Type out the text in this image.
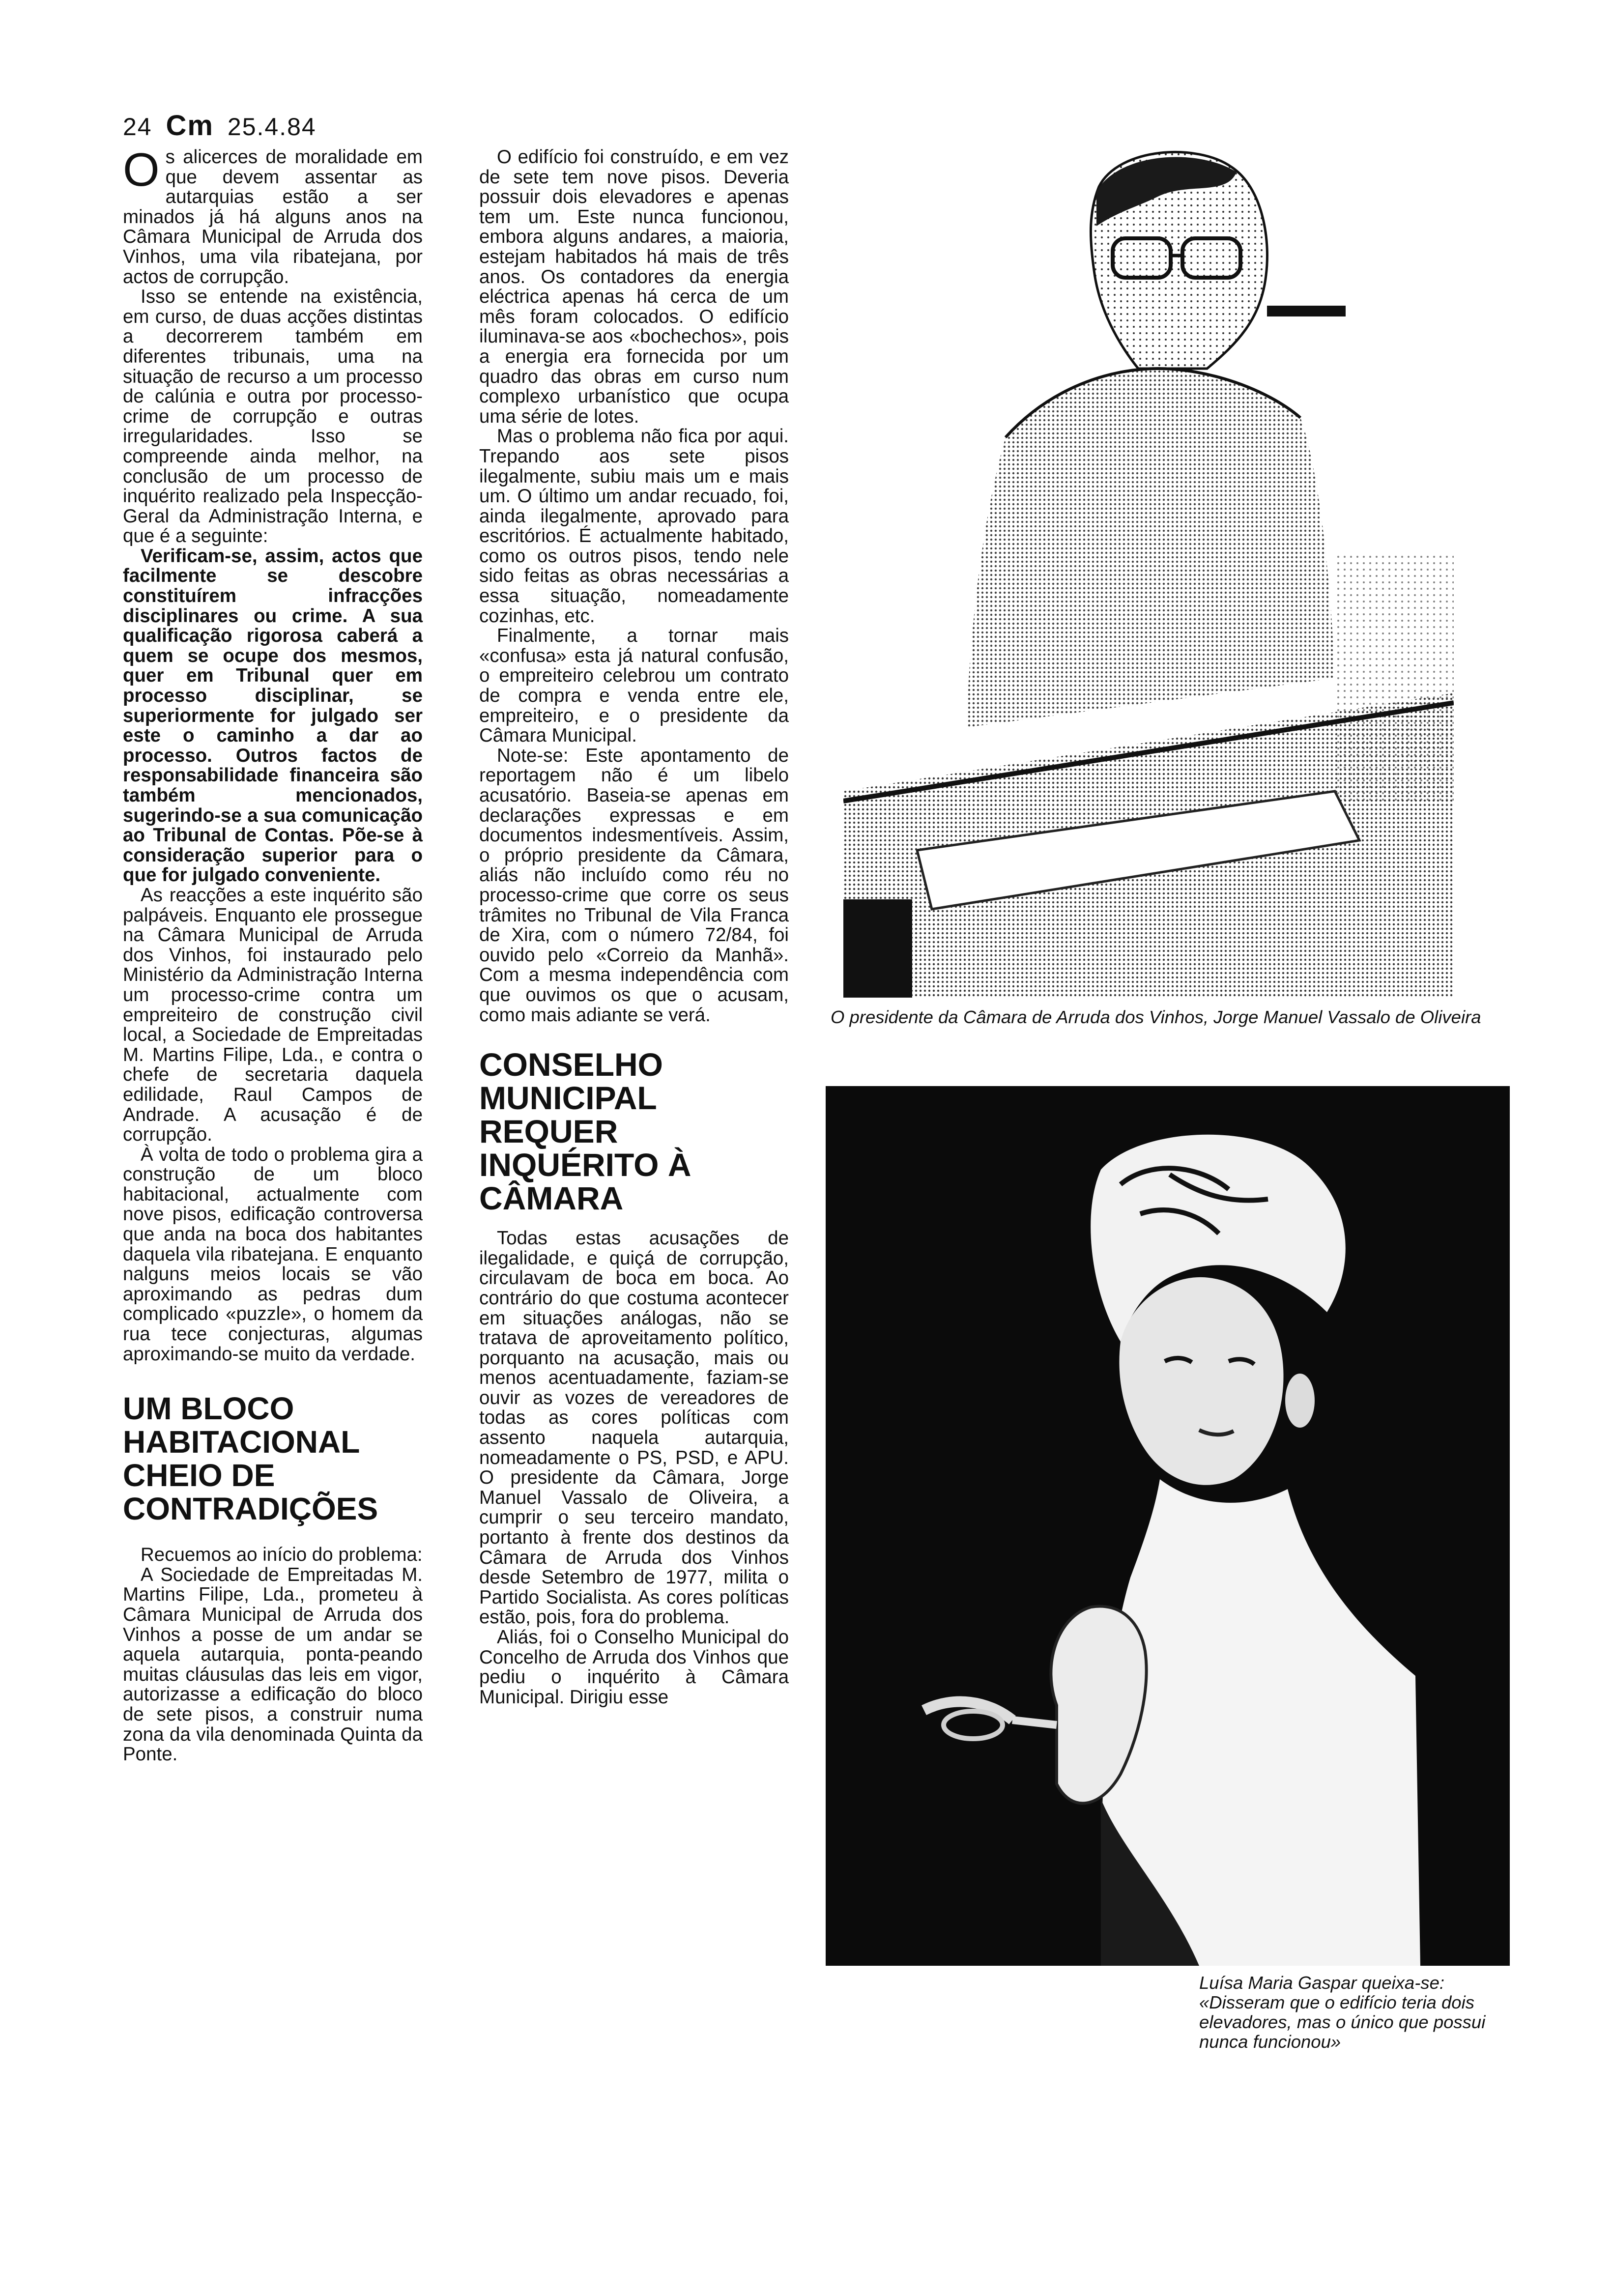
24 Cm 25.4.84

Os alicerces de moralidade em que devem assentar as autarquias estão a ser minados já há alguns anos na Câmara Municipal de Arruda dos Vinhos, uma vila ribatejana, por actos de corrupção.

Isso se entende na existência, em curso, de duas acções distintas a decorrerem também em diferentes tribunais, uma na situação de recurso a um processo de calúnia e outra por processo-crime de corrupção e outras irregularidades. Isso se compreende ainda melhor, na conclusão de um processo de inquérito realizado pela Inspecção-Geral da Administração Interna, e que é a seguinte:

Verificam-se, assim, actos que facilmente se descobre constituírem infracções disciplinares ou crime. A sua qualificação rigorosa caberá a quem se ocupe dos mesmos, quer em Tribunal quer em processo disciplinar, se superiormente for julgado ser este o caminho a dar ao processo. Outros factos de responsabilidade financeira são também mencionados, sugerindo-se a sua comunicação ao Tribunal de Contas. Põe-se à consideração superior para o que for julgado conveniente.

As reacções a este inquérito são palpáveis. Enquanto ele prossegue na Câmara Municipal de Arruda dos Vinhos, foi instaurado pelo Ministério da Administração Interna um processo-crime contra um empreiteiro de construção civil local, a Sociedade de Empreitadas M. Martins Filipe, Lda., e contra o chefe de secretaria daquela edilidade, Raul Campos de Andrade. A acusação é de corrupção.

À volta de todo o problema gira a construção de um bloco habitacional, actualmente com nove pisos, edificação controversa que anda na boca dos habitantes daquela vila ribatejana. E enquanto nalguns meios locais se vão aproximando as pedras dum complicado «puzzle», o homem da rua tece conjecturas, algumas aproximando-se muito da verdade.

UM BLOCO HABITACIONAL CHEIO DE CONTRADIÇÕES

Recuemos ao início do problema:

A Sociedade de Empreitadas M. Martins Filipe, Lda., prometeu à Câmara Municipal de Arruda dos Vinhos a posse de um andar se aquela autarquia, ponta-peando muitas cláusulas das leis em vigor, autorizasse a edificação do bloco de sete pisos, a construir numa zona da vila denominada Quinta da Ponte.

O edifício foi construído, e em vez de sete tem nove pisos. Deveria possuir dois elevadores e apenas tem um. Este nunca funcionou, embora alguns andares, a maioria, estejam habitados há mais de três anos. Os contadores da energia eléctrica apenas há cerca de um mês foram colocados. O edifício iluminava-se aos «bochechos», pois a energia era fornecida por um quadro das obras em curso num complexo urbanístico que ocupa uma série de lotes.

Mas o problema não fica por aqui. Trepando aos sete pisos ilegalmente, subiu mais um e mais um. O último um andar recuado, foi, ainda ilegalmente, aprovado para escritórios. É actualmente habitado, como os outros pisos, tendo nele sido feitas as obras necessárias a essa situação, nomeadamente cozinhas, etc.

Finalmente, a tornar mais «confusa» esta já natural confusão, o empreiteiro celebrou um contrato de compra e venda entre ele, empreiteiro, e o presidente da Câmara Municipal.

Note-se: Este apontamento de reportagem não é um libelo acusatório. Baseia-se apenas em declarações expressas e em documentos indesmentíveis. Assim, o próprio presidente da Câmara, aliás não incluído como réu no processo-crime que corre os seus trâmites no Tribunal de Vila Franca de Xira, com o número 72/84, foi ouvido pelo «Correio da Manhã». Com a mesma independência com que ouvimos os que o acusam, como mais adiante se verá.

CONSELHO MUNICIPAL REQUER INQUÉRITO À CÂMARA

Todas estas acusações de ilegalidade, e quiçá de corrupção, circulavam de boca em boca. Ao contrário do que costuma acontecer em situações análogas, não se tratava de aproveitamento político, porquanto na acusação, mais ou menos acentuadamente, faziam-se ouvir as vozes de vereadores de todas as cores políticas com assento naquela autarquia, nomeadamente o PS, PSD, e APU. O presidente da Câmara, Jorge Manuel Vassalo de Oliveira, a cumprir o seu terceiro mandato, portanto à frente dos destinos da Câmara de Arruda dos Vinhos desde Setembro de 1977, milita o Partido Socialista. As cores políticas estão, pois, fora do problema.

Aliás, foi o Conselho Municipal do Concelho de Arruda dos Vinhos que pediu o inquérito à Câmara Municipal. Dirigiu esse

O presidente da Câmara de Arruda dos Vinhos, Jorge Manuel Vassalo de Oliveira
Luísa Maria Gaspar queixa-se: «Disseram que o edifício teria dois elevadores, mas o único que possui nunca funcionou»
